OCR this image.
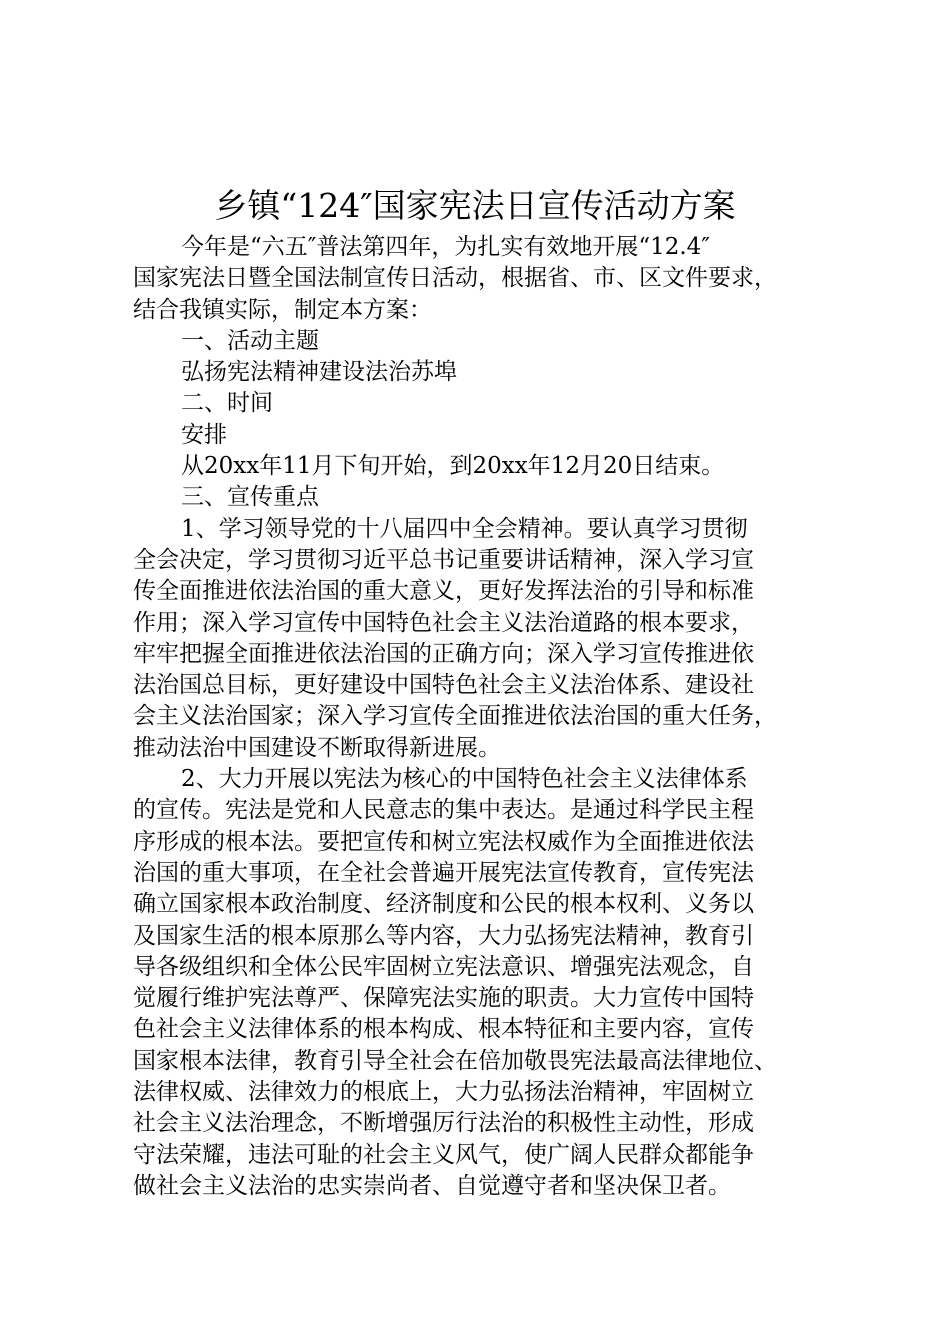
乡镇“124″国家宪法日宣传活动方案
今年是“六五″普法第四年，为扎实有效地开展“12.4″
国家宪法日暨全国法制宣传日活动，根据省、市、区文件要求，
结合我镇实际，制定本方案：
一、活动主题
弘扬宪法精神建设法治苏埠
二、时间
安排
从20xx年11月下旬开始，到20xx年12月20日结束。
三、宣传重点
1、学习领导党的十八届四中全会精神。要认真学习贯彻
全会决定，学习贯彻习近平总书记重要讲话精神，深入学习宣
传全面推进依法治国的重大意义，更好发挥法治的引导和标准
作用；深入学习宣传中国特色社会主义法治道路的根本要求，
牢牢把握全面推进依法治国的正确方向；深入学习宣传推进依
法治国总目标，更好建设中国特色社会主义法治体系、建设社
会主义法治国家；深入学习宣传全面推进依法治国的重大任务，
推动法治中国建设不断取得新进展。
2、大力开展以宪法为核心的中国特色社会主义法律体系
的宣传。宪法是党和人民意志的集中表达。是通过科学民主程
序形成的根本法。要把宣传和树立宪法权威作为全面推进依法
治国的重大事项，在全社会普遍开展宪法宣传教育，宣传宪法
确立国家根本政治制度、经济制度和公民的根本权利、义务以
及国家生活的根本原那么等内容，大力弘扬宪法精神，教育引
导各级组织和全体公民牢固树立宪法意识、增强宪法观念，自
觉履行维护宪法尊严、保障宪法实施的职责。大力宣传中国特
色社会主义法律体系的根本构成、根本特征和主要内容，宣传
国家根本法律，教育引导全社会在倍加敬畏宪法最高法律地位、
法律权威、法律效力的根底上，大力弘扬法治精神，牢固树立
社会主义法治理念，不断增强厉行法治的积极性主动性，形成
守法荣耀，违法可耻的社会主义风气，使广阔人民群众都能争
做社会主义法治的忠实崇尚者、自觉遵守者和坚决保卫者。
